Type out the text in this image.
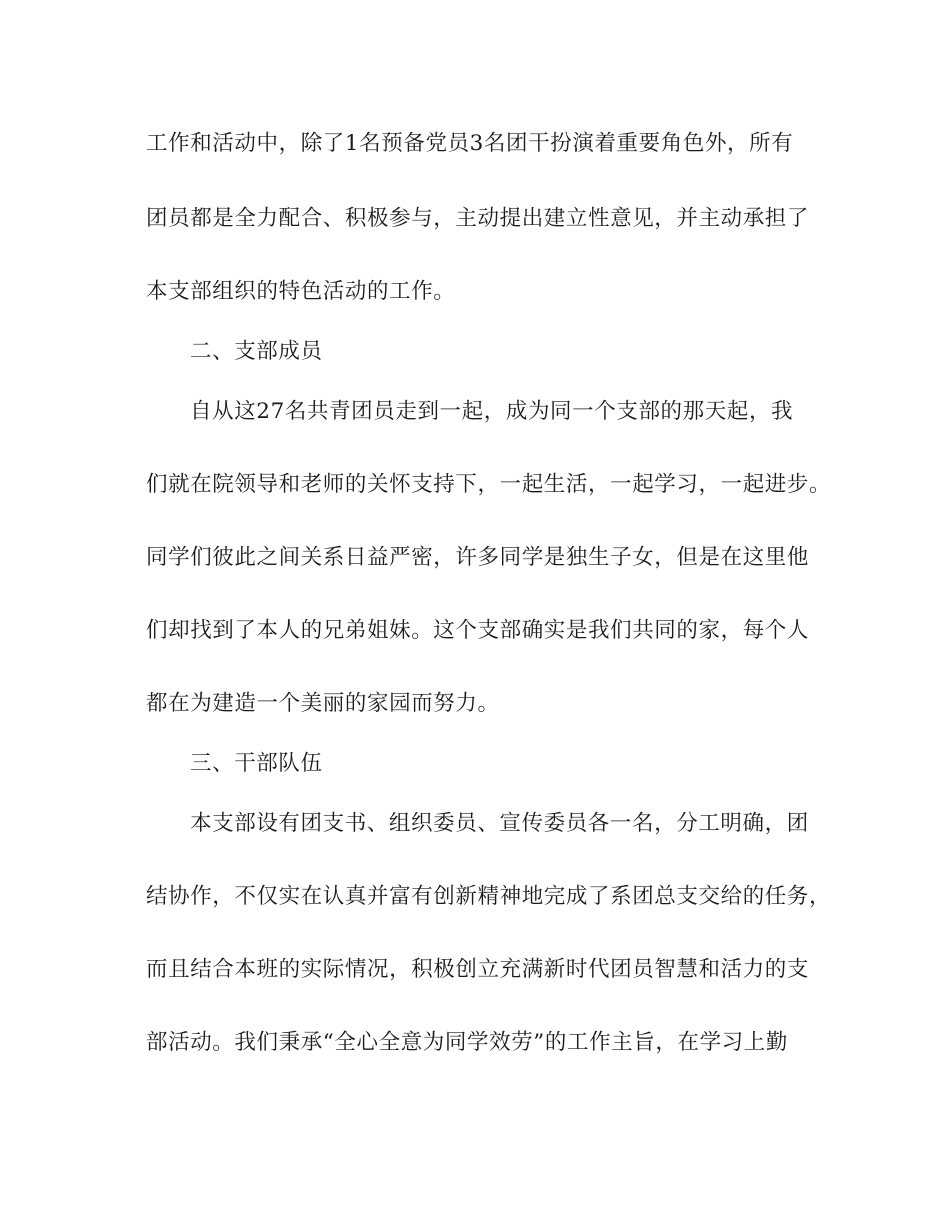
工作和活动中，除了1名预备党员3名团干扮演着重要角色外，所有
团员都是全力配合、积极参与，主动提出建立性意见，并主动承担了
本支部组织的特色活动的工作。
二、支部成员
自从这27名共青团员走到一起，成为同一个支部的那天起，我
们就在院领导和老师的关怀支持下，一起生活，一起学习，一起进步。
同学们彼此之间关系日益严密，许多同学是独生子女，但是在这里他
们却找到了本人的兄弟姐妹。这个支部确实是我们共同的家，每个人
都在为建造一个美丽的家园而努力。
三、干部队伍
本支部设有团支书、组织委员、宣传委员各一名，分工明确，团
结协作，不仅实在认真并富有创新精神地完成了系团总支交给的任务，
而且结合本班的实际情况，积极创立充满新时代团员智慧和活力的支
部活动。我们秉承“全心全意为同学效劳”的工作主旨，在学习上勤
